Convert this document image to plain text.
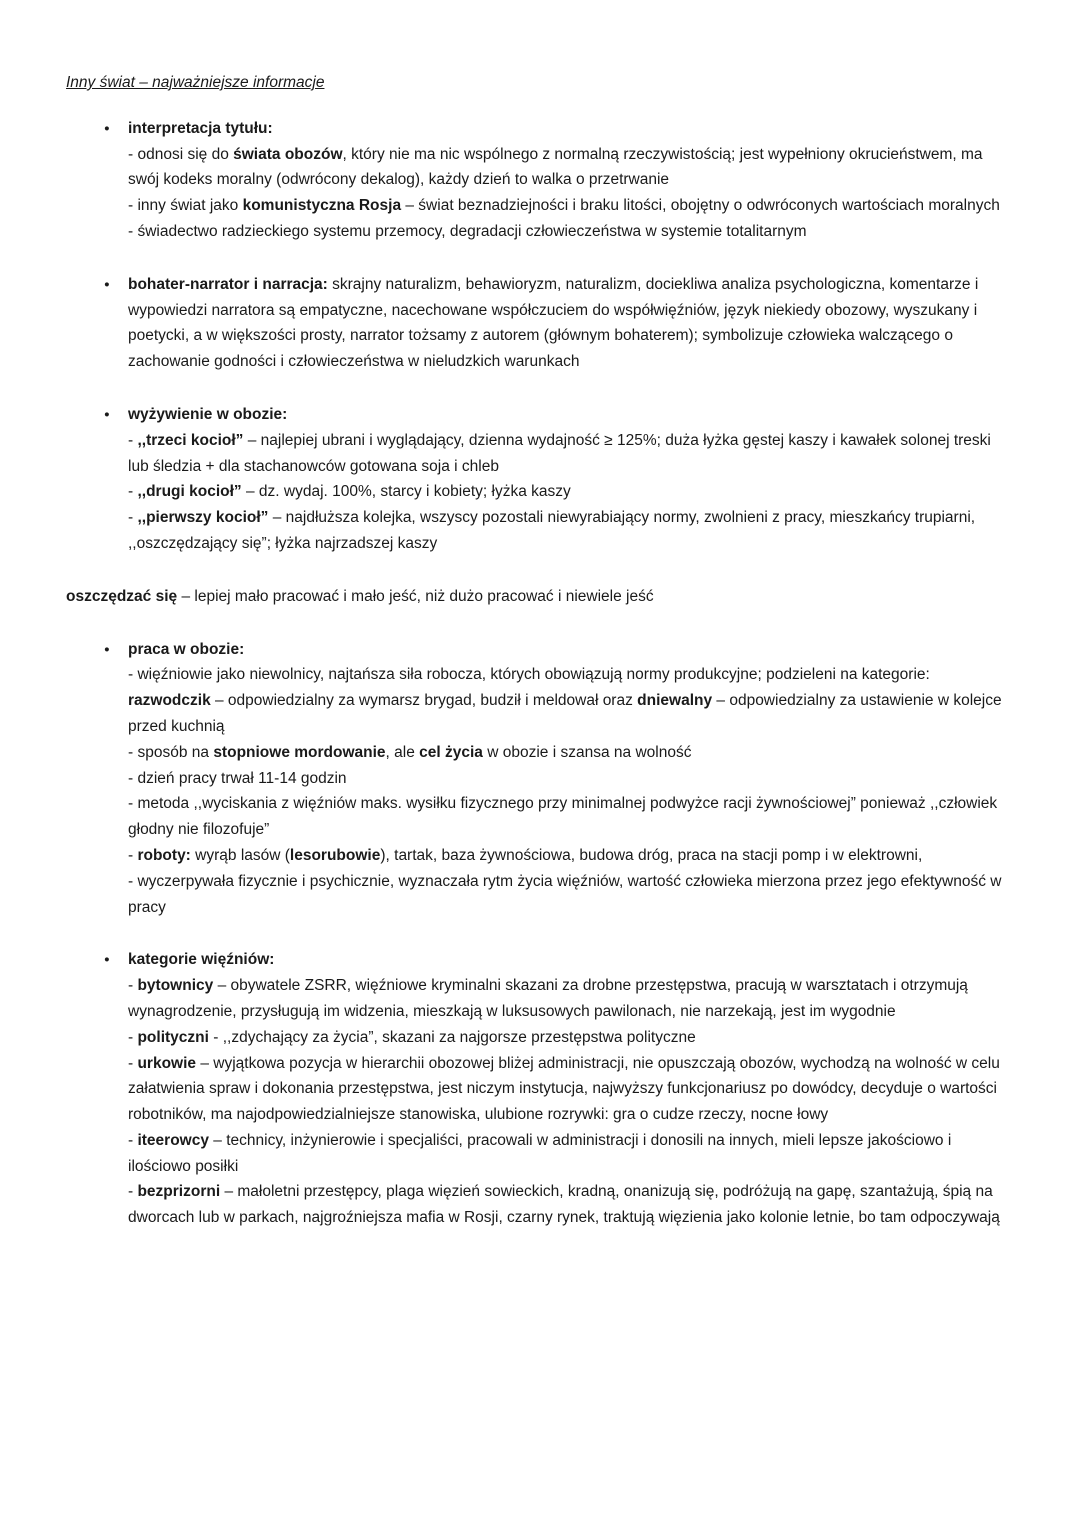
Inny świat – najważniejsze informacje
●	interpretacja tytułu:

- odnosi się do świata obozów, który nie ma nic wspólnego z normalną rzeczywistością; jest wypełniony okrucieństwem, ma swój kodeks moralny (odwrócony dekalog), każdy dzień to walka o przetrwanie

- inny świat jako komunistyczna Rosja – świat beznadziejności i braku litości, obojętny o odwróconych wartościach moralnych

- świadectwo radzieckiego systemu przemocy, degradacji człowieczeństwa w systemie totalitarnym

●	bohater-narrator i narracja: skrajny naturalizm, behawioryzm, naturalizm, dociekliwa analiza psychologiczna, komentarze i wypowiedzi narratora są empatyczne, nacechowane współczuciem do współwięźniów, język niekiedy obozowy, wyszukany i poetycki, a w większości prosty, narrator tożsamy z autorem (głównym bohaterem); symbolizuje człowieka walczącego o zachowanie godności i człowieczeństwa w nieludzkich warunkach

●	wyżywienie w obozie:

- ,,trzeci kocioł” – najlepiej ubrani i wyglądający, dzienna wydajność ≥ 125%; duża łyżka gęstej kaszy i kawałek solonej treski lub śledzia + dla stachanowców gotowana soja i chleb

- ,,drugi kocioł” – dz. wydaj. 100%, starcy i kobiety; łyżka kaszy

- ,,pierwszy kocioł” – najdłuższa kolejka, wszyscy pozostali niewyrabiający normy, zwolnieni z pracy, mieszkańcy trupiarni, ,,oszczędzający się”; łyżka najrzadszej kaszy

oszczędzać się – lepiej mało pracować i mało jeść, niż dużo pracować i niewiele jeść

●	praca w obozie:

- więźniowie jako niewolnicy, najtańsza siła robocza, których obowiązują normy produkcyjne; podzieleni na kategorie: razwodczik – odpowiedzialny za wymarsz brygad, budził i meldował oraz dniewalny – odpowiedzialny za ustawienie w kolejce przed kuchnią

- sposób na stopniowe mordowanie, ale cel życia w obozie i szansa na wolność

- dzień pracy trwał 11-14 godzin

- metoda ,,wyciskania z więźniów maks. wysiłku fizycznego przy minimalnej podwyżce racji żywnościowej” ponieważ ,,człowiek głodny nie filozofuje”

- roboty: wyrąb lasów (lesorubowie), tartak, baza żywnościowa, budowa dróg, praca na stacji pomp i w elektrowni,

- wyczerpywała fizycznie i psychicznie, wyznaczała rytm życia więźniów, wartość człowieka mierzona przez jego efektywność w pracy

●	kategorie więźniów:

- bytownicy – obywatele ZSRR, więźniowe kryminalni skazani za drobne przestępstwa, pracują w warsztatach i otrzymują wynagrodzenie, przysługują im widzenia, mieszkają w luksusowych pawilonach, nie narzekają, jest im wygodnie

- polityczni - ,,zdychający za życia”, skazani za najgorsze przestępstwa polityczne

- urkowie – wyjątkowa pozycja w hierarchii obozowej bliżej administracji, nie opuszczają obozów, wychodzą na wolność w celu załatwienia spraw i dokonania przestępstwa, jest niczym instytucja, najwyższy funkcjonariusz po dowódcy, decyduje o wartości robotników, ma najodpowiedzialniejsze stanowiska, ulubione rozrywki: gra o cudze rzeczy, nocne łowy

- iteerowcy – technicy, inżynierowie i specjaliści, pracowali w administracji i donosili na innych, mieli lepsze jakościowo i ilościowo posiłki

- bezprizorni – małoletni przestępcy, plaga więzień sowieckich, kradną, onanizują się, podróżują na gapę, szantażują, śpią na dworcach lub w parkach, najgroźniejsza mafia w Rosji, czarny rynek, traktują więzienia jako kolonie letnie, bo tam odpoczywają
